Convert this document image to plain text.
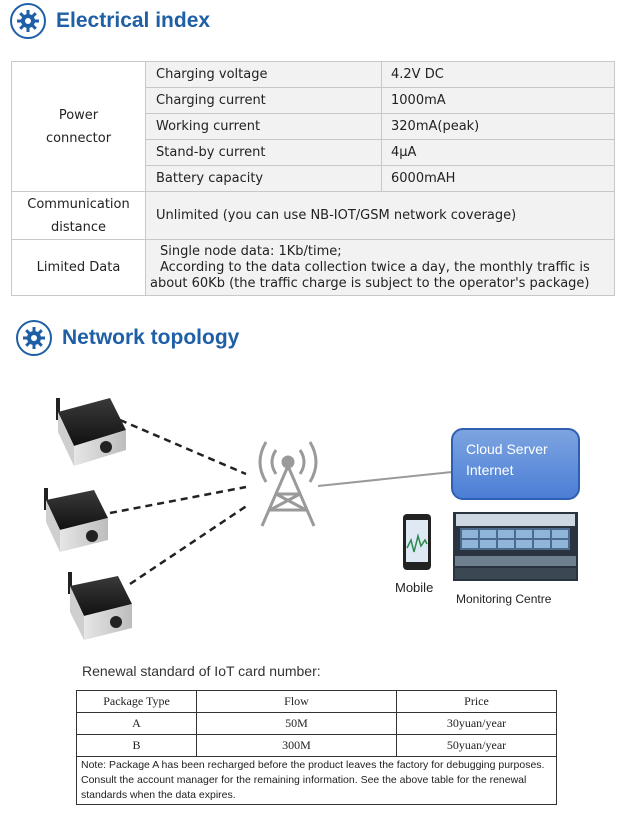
Electrical index
Power
connector	Charging voltage	4.2V DC
	Charging current	1000mA
	Working current	320mA(peak)
	Stand-by current	4μA
	Battery capacity	6000mAH
Communication
distance	Unlimited (you can use NB-IOT/GSM network coverage)	
Limited Data	Single node data: 1Kb/time;
According to the data collection twice a day, the monthly traffic is about 60Kb (the traffic charge is subject to the operator's package)	
Network topology
Cloud Server
Internet
Mobile
Monitoring Centre
Renewal standard of IoT card number:
Package Type	Flow	Price
A	50M	30yuan/year
B	300M	50yuan/year
Note: Package A has been recharged before the product leaves the factory for debugging purposes. Consult the account manager for the remaining information. See the above table for the renewal standards when the data expires.		
